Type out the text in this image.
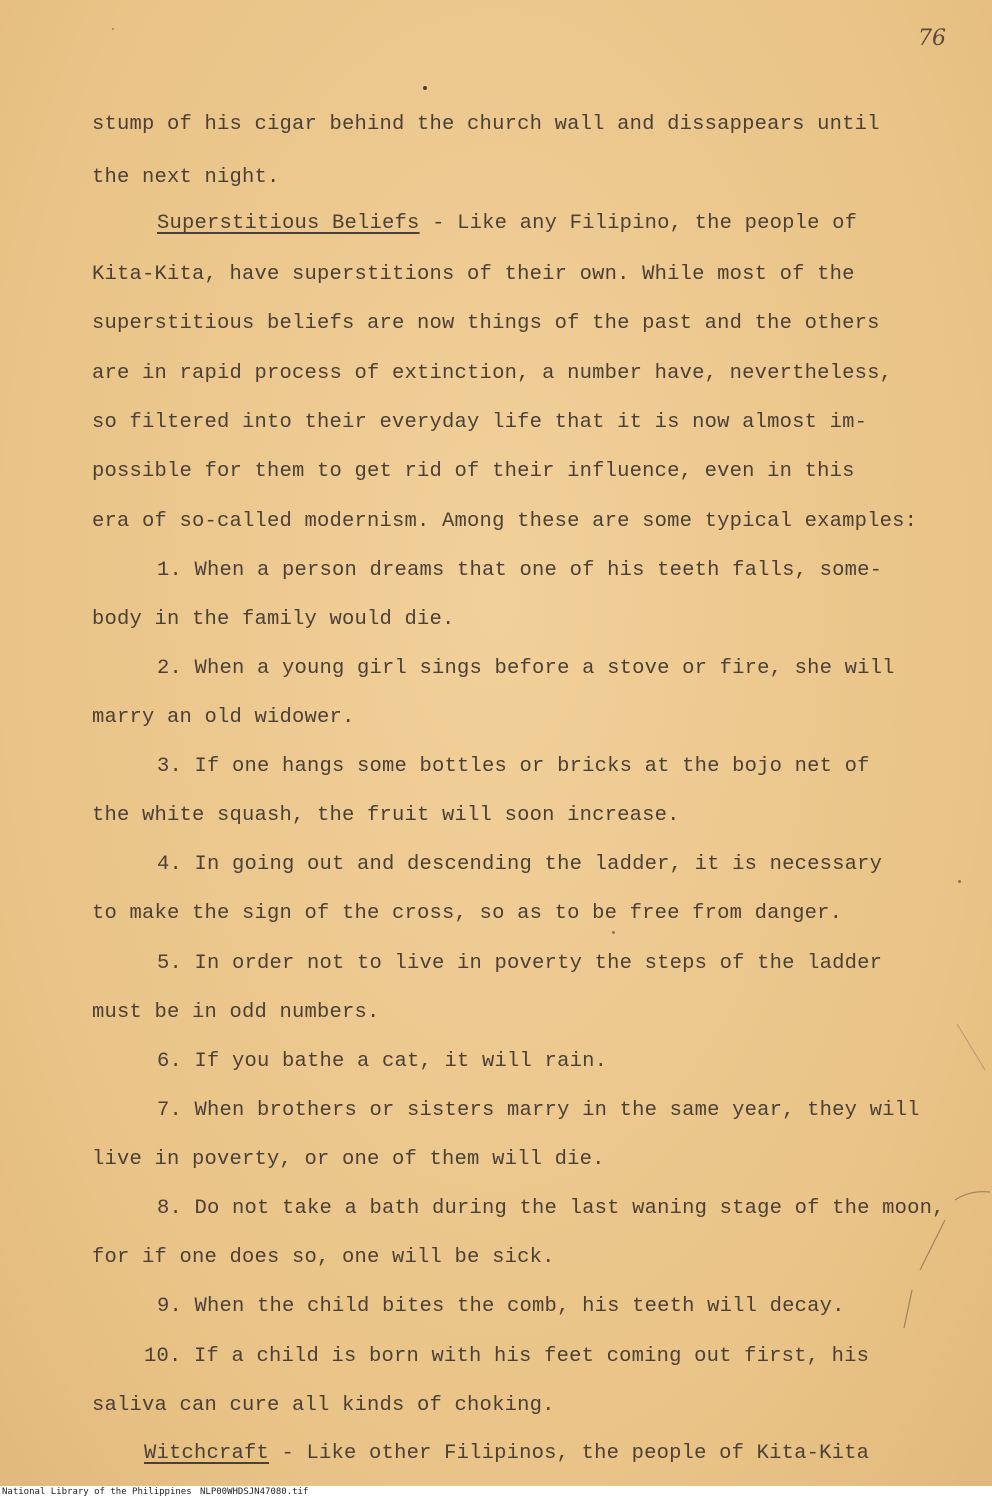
76
stump of his cigar behind the church wall and dissappears until
the next night.
Superstitious Beliefs - Like any Filipino, the people of
Kita-Kita, have superstitions of their own. While most of the
superstitious beliefs are now things of the past and the others
are in rapid process of extinction, a number have, nevertheless,
so filtered into their everyday life that it is now almost im-
possible for them to get rid of their influence, even in this
era of so-called modernism. Among these are some typical examples:
1. When a person dreams that one of his teeth falls, some-
body in the family would die.
2. When a young girl sings before a stove or fire, she will
marry an old widower.
3. If one hangs some bottles or bricks at the bojo net of
the white squash, the fruit will soon increase.
4. In going out and descending the ladder, it is necessary
to make the sign of the cross, so as to be free from danger.
5. In order not to live in poverty the steps of the ladder
must be in odd numbers.
6. If you bathe a cat, it will rain.
7. When brothers or sisters marry in the same year, they will
live in poverty, or one of them will die.
8. Do not take a bath during the last waning stage of the moon,
for if one does so, one will be sick.
9. When the child bites the comb, his teeth will decay.
10. If a child is born with his feet coming out first, his
saliva can cure all kinds of choking.
Witchcraft - Like other Filipinos, the people of Kita-Kita
National Library of the Philippines NLP00WHDSJN47080.tif
